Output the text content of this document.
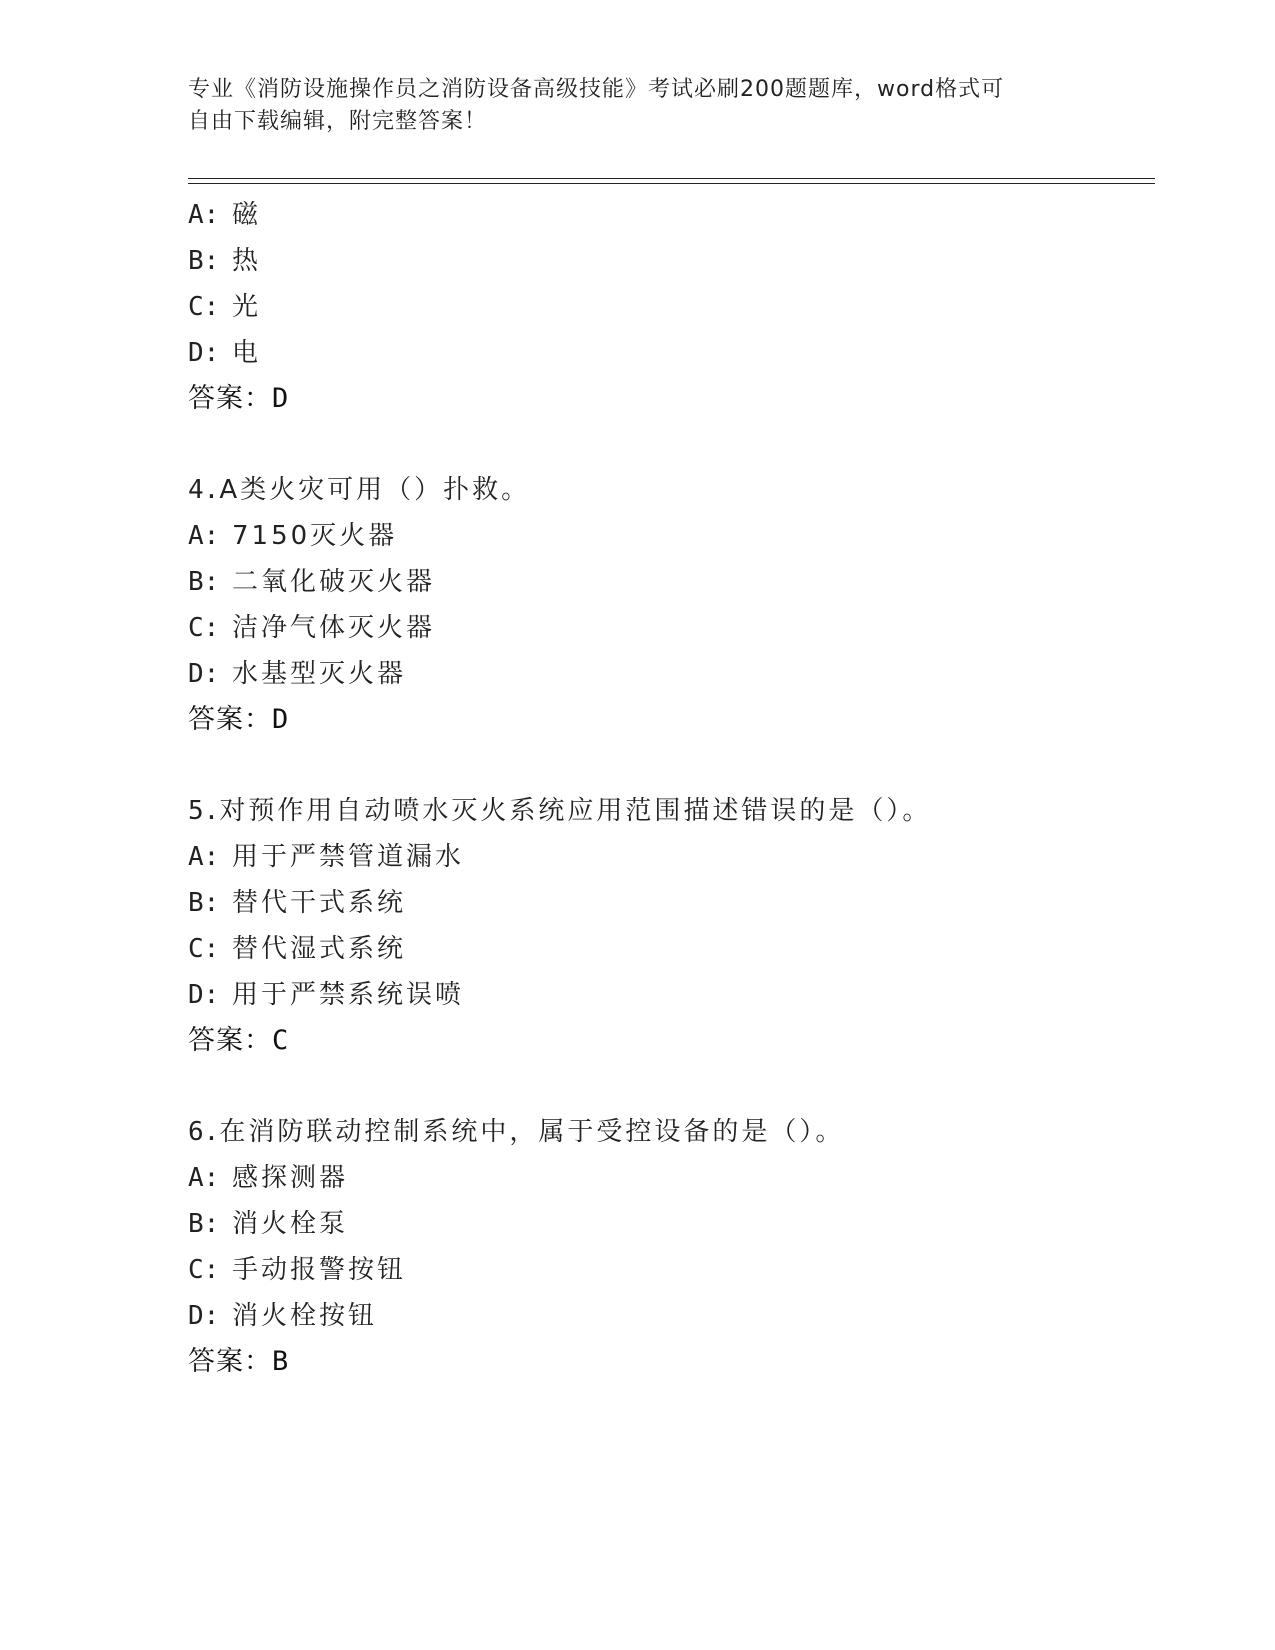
专业《消防设施操作员之消防设备高级技能》考试必刷200题题库，word格式可
自由下载编辑，附完整答案！
A: 磁
B: 热
C: 光
D: 电
答案：D
4.A类火灾可用（）扑救。
A: 7150灭火器
B: 二氧化破灭火器
C: 洁净气体灭火器
D: 水基型灭火器
答案：D
5.对预作用自动喷水灭火系统应用范围描述错误的是（）。
A: 用于严禁管道漏水
B: 替代干式系统
C: 替代湿式系统
D: 用于严禁系统误喷
答案：C
6.在消防联动控制系统中，属于受控设备的是（）。
A: 感探测器
B: 消火栓泵
C: 手动报警按钮
D: 消火栓按钮
答案：B
